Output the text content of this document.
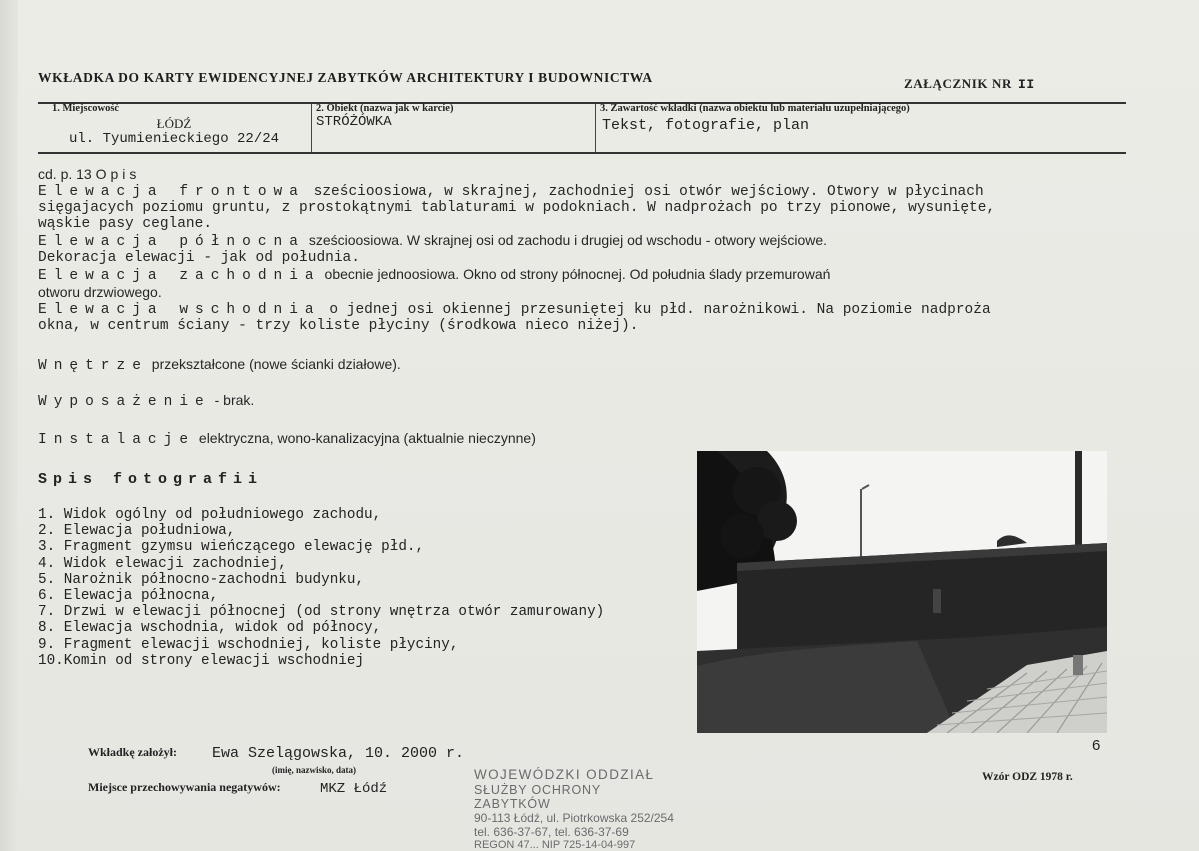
WKŁADKA DO KARTY EWIDENCYJNEJ ZABYTKÓW ARCHITEKTURY I BUDOWNICTWA	ZAŁĄCZNIK NR II
1. Miejscowość
ŁÓDŹ
ul. Tyumienieckiego 22/24
2. Obiekt (nazwa jak w karcie)
STRÓŻÓWKA
3. Zawartość wkładki (nazwa obiektu lub materiału uzupełniającego)
Tekst, fotografie, plan
cd. p. 13 Opis
Elewacja frontowa sześcioosiowa, w skrajnej, zachodniej osi otwór wejściowy. Otwory w płycinach
sięgajacych poziomu gruntu, z prostokątnymi tablaturami w podokniach. W nadprożach po trzy pionowe, wysunięte,
wąskie pasy ceglane.
Elewacja północna sześcioosiowa. W skrajnej osi od zachodu i drugiej od wschodu - otwory wejściowe.
Dekoracja elewacji - jak od południa.
Elewacja zachodnia obecnie jednoosiowa. Okno od strony północnej. Od południa ślady przemurowań
otworu drzwiowego.
Elewacja wschodnia o jednej osi okiennej przesuniętej ku płd. narożnikowi. Na poziomie nadproża
okna, w centrum ściany - trzy koliste płyciny (środkowa nieco niżej).
Wnętrze przekształcone (nowe ścianki działowe).
Wyposażenie - brak.
Instalacje elektryczna, wono-kanalizacyjna (aktualnie nieczynne)
Spis fotografii
1. Widok ogólny od południowego zachodu,
2. Elewacja południowa,
3. Fragment gzymsu wieńczącego elewację płd.,
4. Widok elewacji zachodniej,
5. Narożnik północno-zachodni budynku,
6. Elewacja północna,
7. Drzwi w elewacji północnej (od strony wnętrza otwór zamurowany)
8. Elewacja wschodnia, widok od północy,
9. Fragment elewacji wschodniej, koliste płyciny,
10.Komin od strony elewacji wschodniej
6
Wkładkę założył: Ewa Szelągowska, 10. 2000 r.
(imię, nazwisko, data)
Miejsce przechowywania negatywów:	MKZ Łódź
WOJEWÓDZKI ODDZIAŁ
SŁUŻBY OCHRONY ZABYTKÓW
90-113 Łódź, ul. Piotrkowska 252/254
tel. 636-37-67, tel. 636-37-69
REGON 47... NIP 725-14-04-997
Wzór ODZ 1978 r.
